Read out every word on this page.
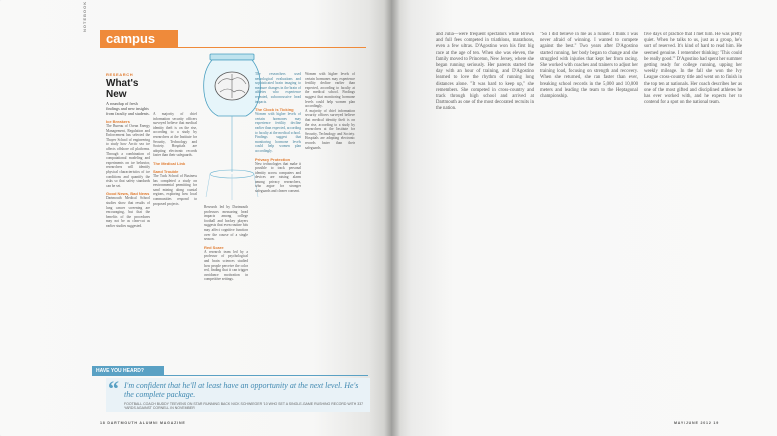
NOTEBOOK
campus
RESEARCH
What's New
A roundup of fresh findings and new insights from faculty and students.
Ice Breakers
The Bureau of Ocean Energy Management, Regulation and Enforcement has selected the Thayer School of engineering to study how Arctic sea ice affects offshore oil platforms. Through a combination of computational modeling and experiments on ice behavior, researchers will identify physical characteristics of ice conditions and quantify the risks so that safety standards can be set.
Good News, Bad News
Dartmouth Medical School studies show that results of lung cancer screening are encouraging, but that the benefits of the procedures may not be as clear-cut as earlier studies suggested.
A majority of chief information security officers surveyed believe that medical identity theft is on the rise, according to a study by researchers at the Institute for Security, Technology and Society. Hospitals are adopting electronic records faster than their safeguards.
The Medical Link
Sand Trouble
The Tuck School of Business has completed a study on environmental permitting for sand mining along coastal regions, exploring how local communities respond to proposed projects.
Research led by Dartmouth professors measuring head impacts among college football and hockey players suggests that even routine hits may affect cognitive function over the course of a single season.
Red Scare
A research team led by a professor of psychological and brain sciences studied how people perceive the color red, finding that it can trigger avoidance motivation in competitive settings.
The researchers used neurological evaluations and sophisticated brain imaging to measure changes in the brain of athletes who experience repeated, subconcussive head impacts.
The Clock is Ticking
Women with higher levels of certain hormones may experience fertility decline earlier than expected, according to faculty at the medical school. Findings suggest that monitoring hormone levels could help women plan accordingly.
Privacy Protection
New technologies that make it possible to track personal identity across computers and devices are raising alarm among privacy researchers, who argue for stronger safeguards and clearer consent.
Women with higher levels of certain hormones may experience fertility decline earlier than expected, according to faculty at the medical school. Findings suggest that monitoring hormone levels could help women plan accordingly.
A majority of chief information security officers surveyed believe that medical identity theft is on the rise, according to a study by researchers at the Institute for Security, Technology and Society. Hospitals are adopting electronic records faster than their safeguards.
HAVE YOU HEARD?
“ I'm confident that he'll at least have an opportunity at the next level. He's the complete package.
FOOTBALL COACH BUDDY TEEVENS ON STAR RUNNING BACK NICK SCHWIEGER '10 WHO SET A SINGLE-GAME RUSHING RECORD WITH 337 YARDS AGAINST CORNELL IN NOVEMBER
18 DARTMOUTH ALUMNI MAGAZINE
and Julia—were frequent spectators while Brown and full fees competed in triathlons, marathons, even a few ultras. D'Agostino won his first big race at the age of ten. When she was eleven, the family moved to Princeton, New Jersey, where she began running seriously. Her parents started the day with an hour of training, and D'Agostino learned to love the rhythm of running long distances alone. "It was hard to keep up," she remembers. She competed in cross-country and track through high school and arrived at Dartmouth as one of the most decorated recruits in the nation.
"So I did believe in me as a runner. I think I was never afraid of winning. I wanted to compete against the best." Two years after D'Agostino started running, her body began to change and she struggled with injuries that kept her from racing. She worked with coaches and trainers to adjust her training load, focusing on strength and recovery. When she returned, she ran faster than ever, breaking school records in the 5,000 and 10,000 meters and leading the team to the Heptagonal championship.
five days of practice that I met him. He was pretty quiet. When he talks to us, just as a group, he's sort of reserved. It's kind of hard to read him. He seemed genuine. I remember thinking: 'This could be really good.'" D'Agostino had spent her summer getting ready for college running, upping her weekly mileage. In the fall she won the Ivy League cross-country title and went on to finish in the top ten at nationals. Her coach describes her as one of the most gifted and disciplined athletes he has ever worked with, and he expects her to contend for a spot on the national team.
MAY/JUNE 2012 19
